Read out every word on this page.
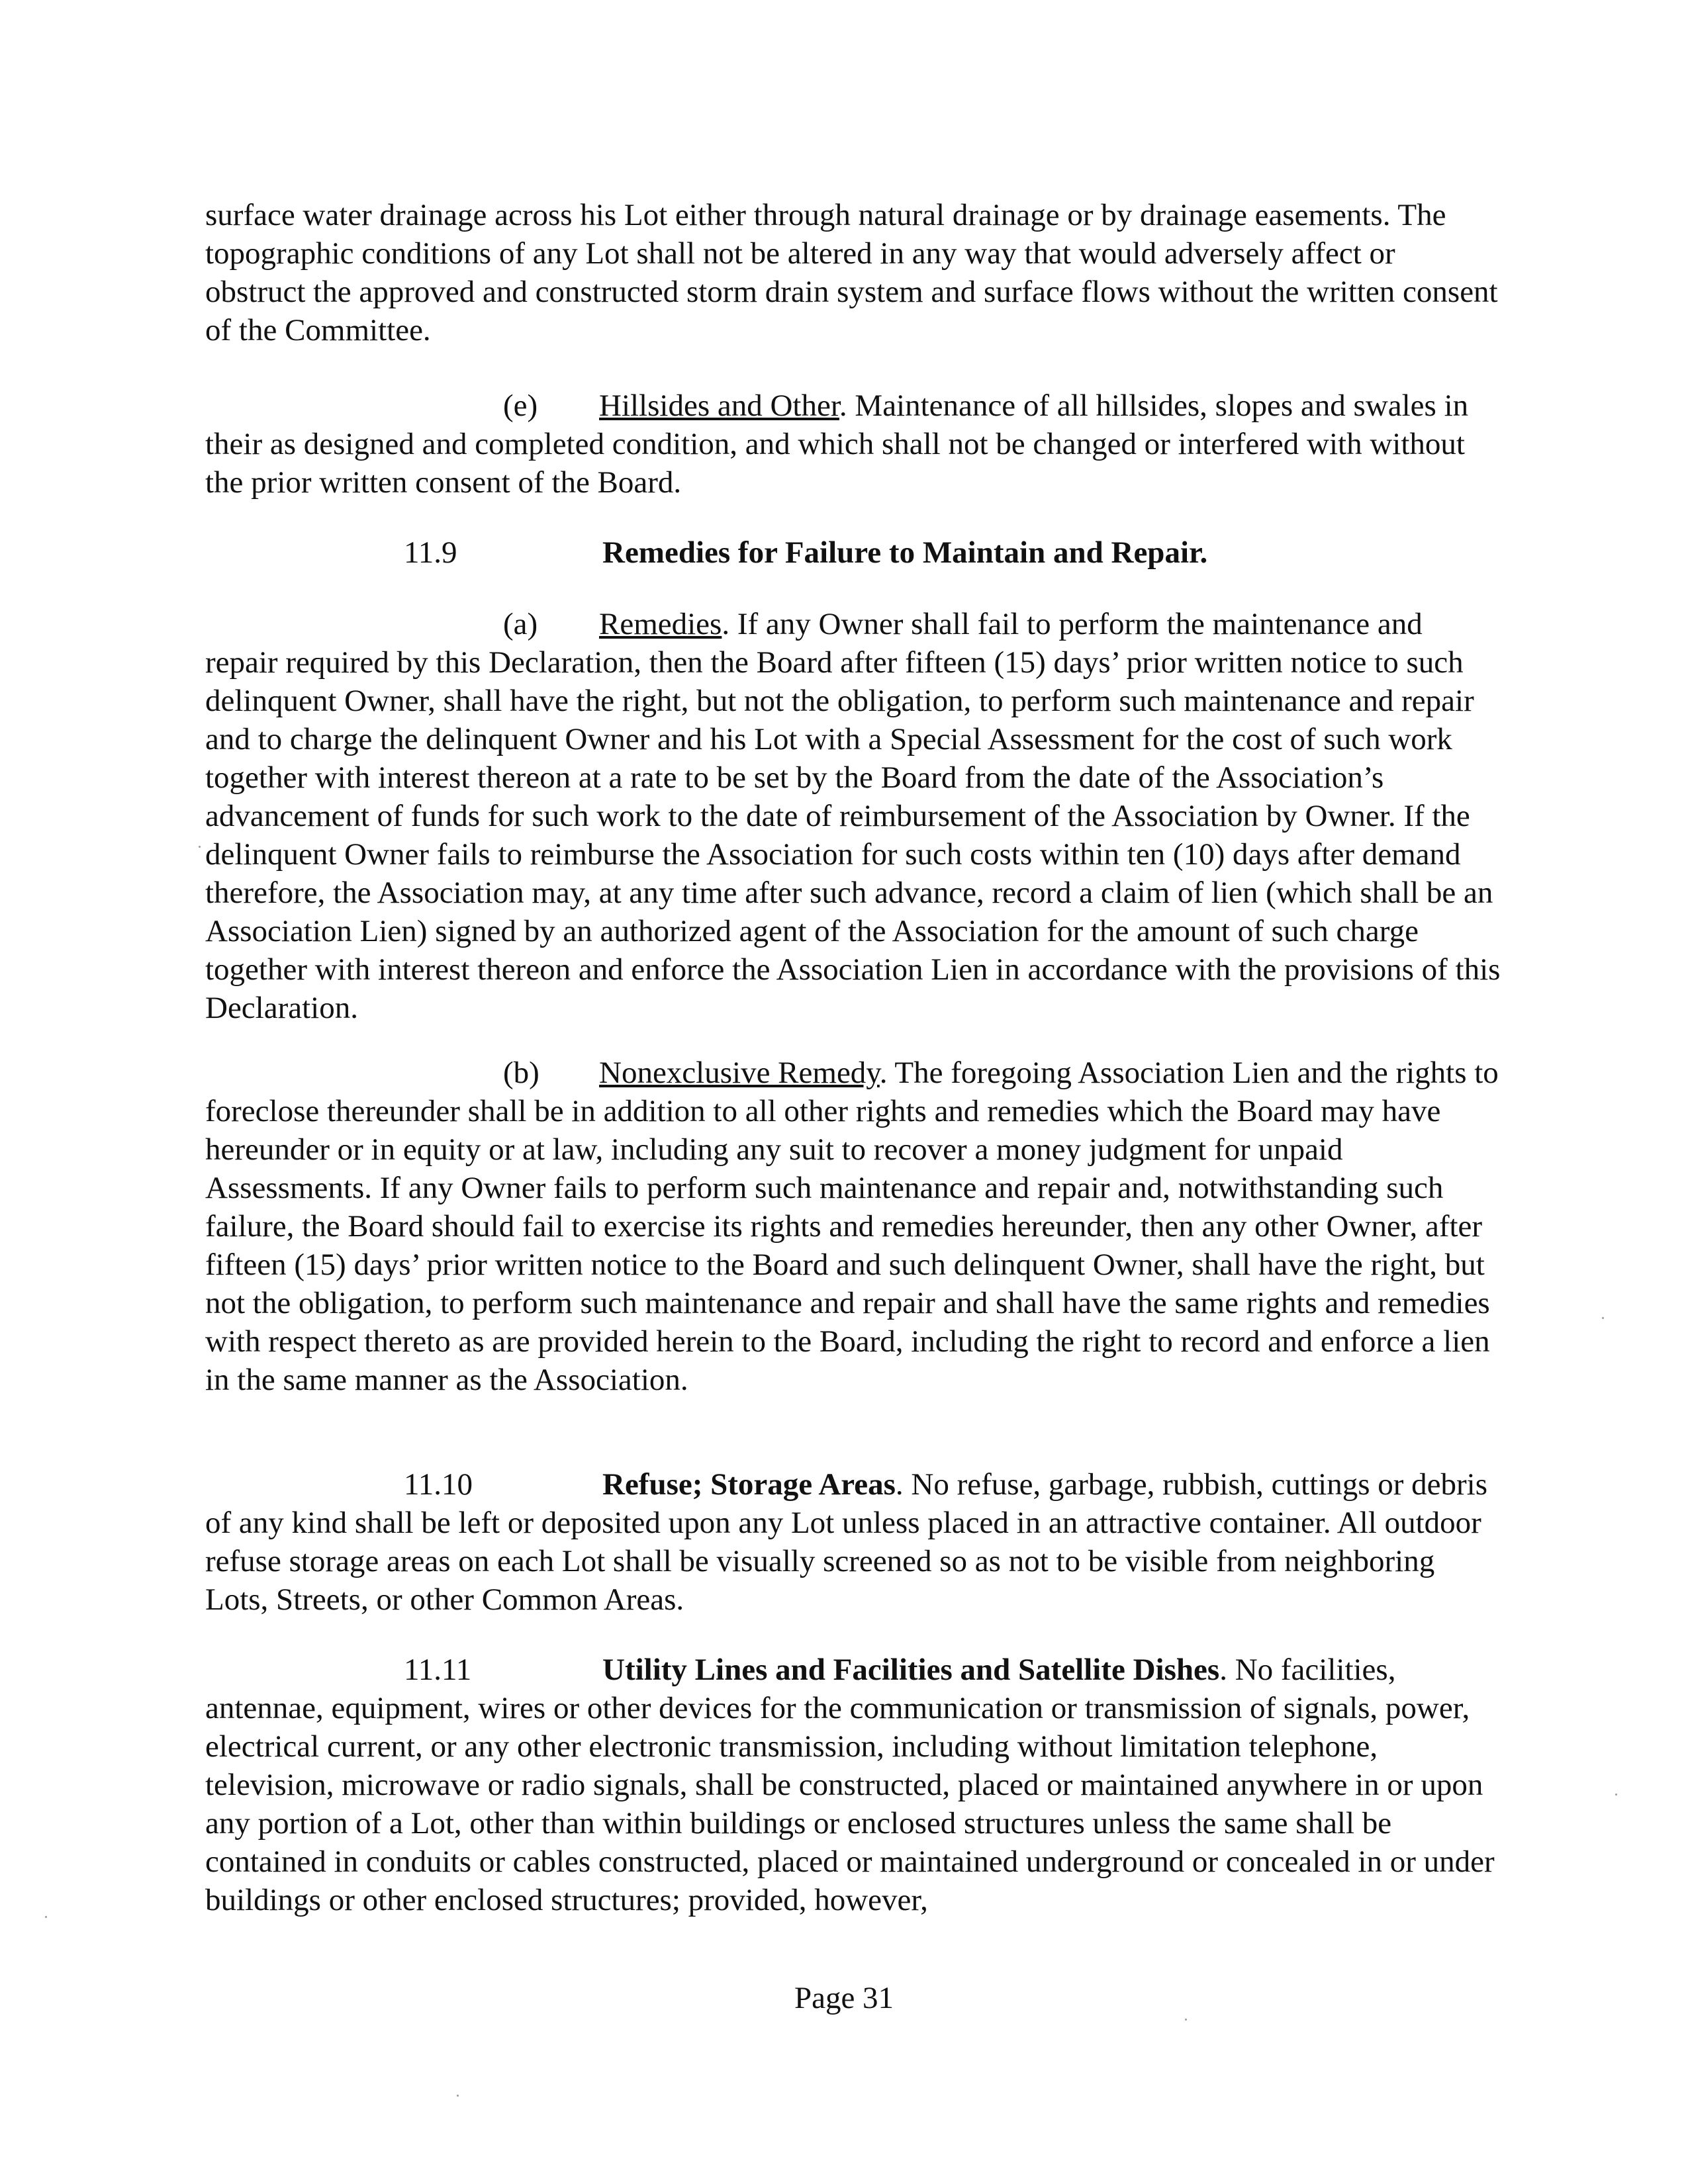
surface water drainage across his Lot either through natural drainage or by drainage easements. The topographic conditions of any Lot shall not be altered in any way that would adversely affect or obstruct the approved and constructed storm drain system and surface flows without the written consent of the Committee.

(e) Hillsides and Other. Maintenance of all hillsides, slopes and swales in their as designed and completed condition, and which shall not be changed or interfered with without the prior written consent of the Board.

11.9	Remedies for Failure to Maintain and Repair.

(a) Remedies. If any Owner shall fail to perform the maintenance and repair required by this Declaration, then the Board after fifteen (15) days’ prior written notice to such delinquent Owner, shall have the right, but not the obligation, to perform such maintenance and repair and to charge the delinquent Owner and his Lot with a Special Assessment for the cost of such work together with interest thereon at a rate to be set by the Board from the date of the Association’s advancement of funds for such work to the date of reimbursement of the Association by Owner. If the delinquent Owner fails to reimburse the Association for such costs within ten (10) days after demand therefore, the Association may, at any time after such advance, record a claim of lien (which shall be an Association Lien) signed by an authorized agent of the Association for the amount of such charge together with interest thereon and enforce the Association Lien in accordance with the provisions of this Declaration.

(b) Nonexclusive Remedy. The foregoing Association Lien and the rights to foreclose thereunder shall be in addition to all other rights and remedies which the Board may have hereunder or in equity or at law, including any suit to recover a money judgment for unpaid Assessments. If any Owner fails to perform such maintenance and repair and, notwithstanding such failure, the Board should fail to exercise its rights and remedies hereunder, then any other Owner, after fifteen (15) days’ prior written notice to the Board and such delinquent Owner, shall have the right, but not the obligation, to perform such maintenance and repair and shall have the same rights and remedies with respect thereto as are provided herein to the Board, including the right to record and enforce a lien in the same manner as the Association.

11.10	Refuse; Storage Areas. No refuse, garbage, rubbish, cuttings or debris of any kind shall be left or deposited upon any Lot unless placed in an attractive container. All outdoor refuse storage areas on each Lot shall be visually screened so as not to be visible from neighboring Lots, Streets, or other Common Areas.

11.11	Utility Lines and Facilities and Satellite Dishes. No facilities, antennae, equipment, wires or other devices for the communication or transmission of signals, power, electrical current, or any other electronic transmission, including without limitation telephone, television, microwave or radio signals, shall be constructed, placed or maintained anywhere in or upon any portion of a Lot, other than within buildings or enclosed structures unless the same shall be contained in conduits or cables constructed, placed or maintained underground or concealed in or under buildings or other enclosed structures; provided, however,

Page 31
